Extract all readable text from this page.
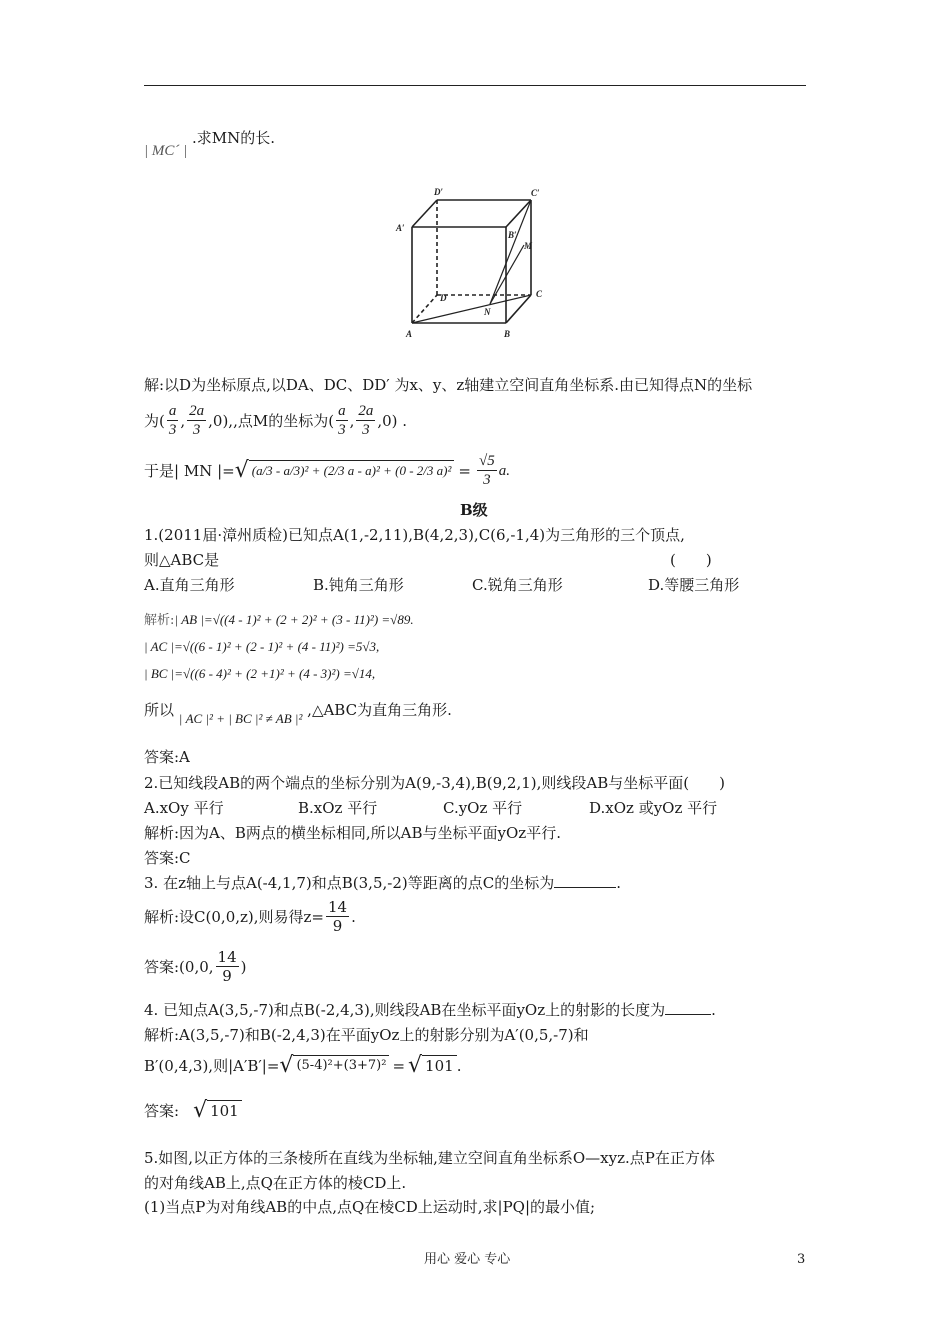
| MC´ | .求MN的长.
D′	C′
A′
B′
M
D
N
C
A	B
解:以D为坐标原点,以DA、DC、DD′ 为x、y、z轴建立空间直角坐标系.由已知得点N的坐标
为( $\frac{a}{3}$ , $\frac{2a}{3} ,0$),,点M的坐标为( $\frac{a}{3}$ , $\frac{2a}{3} ,0$) .
于是| MN |= √ (a/3 - a/3)² + (2/3 a - a)² + (0 - 2/3 $a)^2 = \frac{√5}{3} a$.
B级
1.(2011届·漳州质检)已知点A(1,-2,11),B(4,2,3),C(6,-1,4)为三角形的三个顶点,
则△ABC是	(　　)
A.直角三角形	B.钝角三角形	C.锐角三角形	D.等腰三角形
解析:| AB |=√((4 - 1)² + (2 + 2)² + (3 - 11)²) =√89.
| AC |=√((6 - 1)² + (2 - 1)² + (4 - 11)²) =5√3,
| BC |=√((6 - 4)² + (2 +1)² + (4 - 3)²) =√14,
所以 | AC |² + | BC |² ≠ AB |² ,△ABC为直角三角形.
答案:A
2.已知线段AB的两个端点的坐标分别为A(9,-3,4),B(9,2,1),则线段AB与坐标平面(　　)
A.xOy 平行	B.xOz 平行	C.yOz 平行	D.xOz 或yOz 平行
解析:因为A、B两点的横坐标相同,所以AB与坐标平面yOz平行.
答案:C
3. 在z轴上与点A(-4,1,7)和点B(3,5,-2)等距离的点C的坐标为	.
解析:设C(0,0,z),则易得$z= \frac{14}{9}$ .
答案:(0,0, $\frac{14}{9}$ )
4. 已知点A(3,5,-7)和点B(-2,4,3),则线段AB在坐标平面yOz上的射影的长度为	.
解析:A(3,5,-7)和B(-2,4,3)在平面yOz上的射影分别为A′(0,5,-7)和
B′(0,4,3),则|A′B′|= √ (5-4)²+(3+7)² = √ 101 .
答案: √ 101
5.如图,以正方体的三条棱所在直线为坐标轴,建立空间直角坐标系O—xyz.点P在正方体
的对角线AB上,点Q在正方体的棱CD上.
(1)当点P为对角线AB的中点,点Q在棱CD上运动时,求|PQ|的最小值;
用心 爱心 专心	3
